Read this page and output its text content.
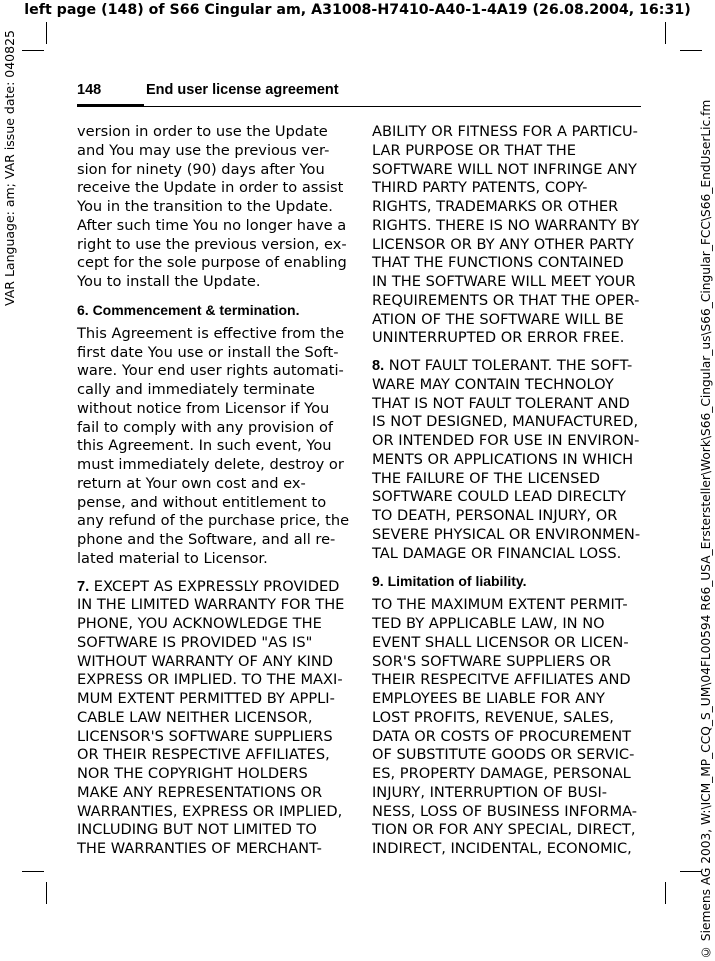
left page (148) of S66 Cingular am, A31008-H7410-A40-1-4A19 (26.08.2004, 16:31)
VAR Language: am; VAR issue date: 040825	© Siemens AG 2003, W:\ICM_MP_CCQ_S_UM\04FL00594 R66_USA_Erstersteller\Work\S66_Cingular_us\S66_Cingular_FCC\S66_EndUserLic.fm
148	End user license agreement

version in order to use the Update
and You may use the previous ver-
sion for ninety (90) days after You
receive the Update in order to assist
You in the transition to the Update.
After such time You no longer have a
right to use the previous version, ex-
cept for the sole purpose of enabling
You to install the Update.

6. Commencement & termination.

This Agreement is effective from the
first date You use or install the Soft-
ware. Your end user rights automati-
cally and immediately terminate
without notice from Licensor if You
fail to comply with any provision of
this Agreement. In such event, You
must immediately delete, destroy or
return at Your own cost and ex-
pense, and without entitlement to
any refund of the purchase price, the
phone and the Software, and all re-
lated material to Licensor.

7. EXCEPT AS EXPRESSLY PROVIDED
IN THE LIMITED WARRANTY FOR THE
PHONE, YOU ACKNOWLEDGE THE
SOFTWARE IS PROVIDED "AS IS"
WITHOUT WARRANTY OF ANY KIND
EXPRESS OR IMPLIED. TO THE MAXI-
MUM EXTENT PERMITTED BY APPLI-
CABLE LAW NEITHER LICENSOR,
LICENSOR'S SOFTWARE SUPPLIERS
OR THEIR RESPECTIVE AFFILIATES,
NOR THE COPYRIGHT HOLDERS
MAKE ANY REPRESENTATIONS OR
WARRANTIES, EXPRESS OR IMPLIED,
INCLUDING BUT NOT LIMITED TO
THE WARRANTIES OF MERCHANT-

ABILITY OR FITNESS FOR A PARTICU-
LAR PURPOSE OR THAT THE
SOFTWARE WILL NOT INFRINGE ANY
THIRD PARTY PATENTS, COPY-
RIGHTS, TRADEMARKS OR OTHER
RIGHTS. THERE IS NO WARRANTY BY
LICENSOR OR BY ANY OTHER PARTY
THAT THE FUNCTIONS CONTAINED
IN THE SOFTWARE WILL MEET YOUR
REQUIREMENTS OR THAT THE OPER-
ATION OF THE SOFTWARE WILL BE
UNINTERRUPTED OR ERROR FREE.

8. NOT FAULT TOLERANT. THE SOFT-
WARE MAY CONTAIN TECHNOLOY
THAT IS NOT FAULT TOLERANT AND
IS NOT DESIGNED, MANUFACTURED,
OR INTENDED FOR USE IN ENVIRON-
MENTS OR APPLICATIONS IN WHICH
THE FAILURE OF THE LICENSED
SOFTWARE COULD LEAD DIRECLTY
TO DEATH, PERSONAL INJURY, OR
SEVERE PHYSICAL OR ENVIRONMEN-
TAL DAMAGE OR FINANCIAL LOSS.

9. Limitation of liability.

TO THE MAXIMUM EXTENT PERMIT-
TED BY APPLICABLE LAW, IN NO
EVENT SHALL LICENSOR OR LICEN-
SOR'S SOFTWARE SUPPLIERS OR
THEIR RESPECITVE AFFILIATES AND
EMPLOYEES BE LIABLE FOR ANY
LOST PROFITS, REVENUE, SALES,
DATA OR COSTS OF PROCUREMENT
OF SUBSTITUTE GOODS OR SERVIC-
ES, PROPERTY DAMAGE, PERSONAL
INJURY, INTERRUPTION OF BUSI-
NESS, LOSS OF BUSINESS INFORMA-
TION OR FOR ANY SPECIAL, DIRECT,
INDIRECT, INCIDENTAL, ECONOMIC,
